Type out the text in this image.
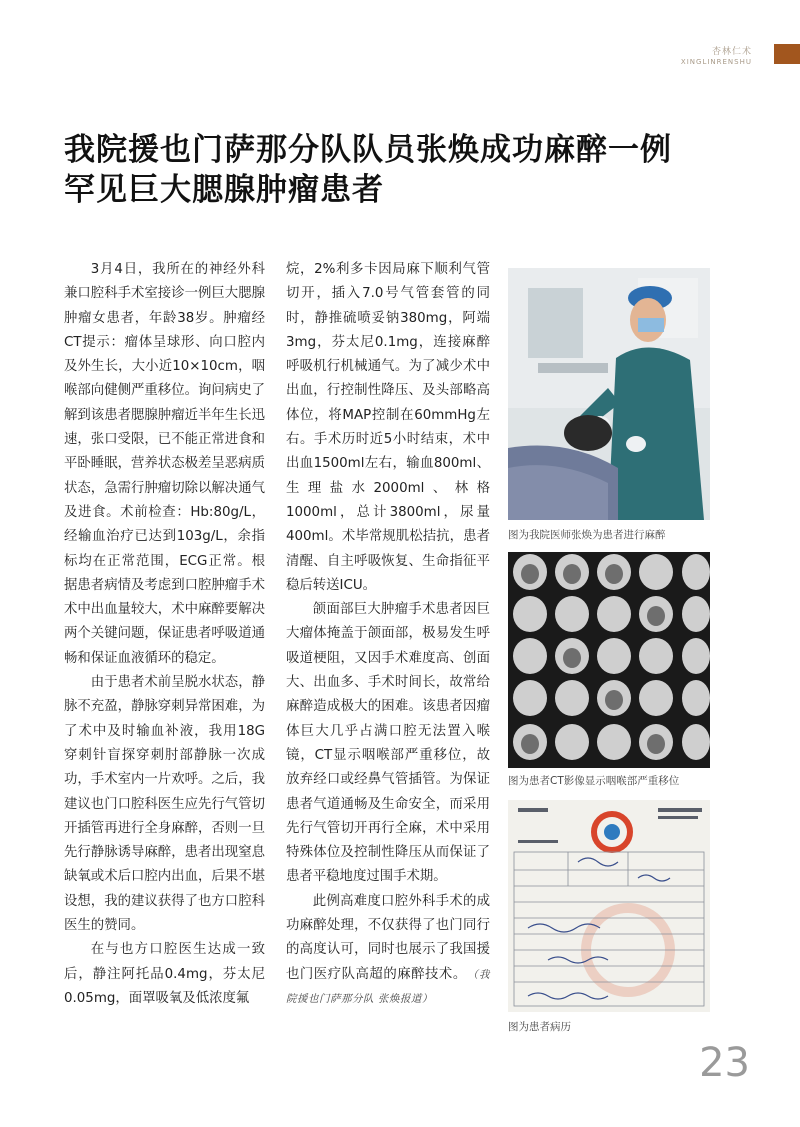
杏林仁术
XINGLINRENSHU
我院援也门萨那分队队员张焕成功麻醉一例
罕见巨大腮腺肿瘤患者

3月4日，我所在的神经外科兼口腔科手术室接诊一例巨大腮腺肿瘤女患者，年龄38岁。肿瘤经CT提示：瘤体呈球形、向口腔内及外生长，大小近10×10cm，咽喉部向健侧严重移位。询问病史了解到该患者腮腺肿瘤近半年生长迅速，张口受限，已不能正常进食和平卧睡眠，营养状态极差呈恶病质状态，急需行肿瘤切除以解决通气及进食。术前检查：Hb:80g/L，经输血治疗已达到103g/L，余指标均在正常范围，ECG正常。根据患者病情及考虑到口腔肿瘤手术术中出血量较大，术中麻醉要解决两个关键问题，保证患者呼吸道通畅和保证血液循环的稳定。

由于患者术前呈脱水状态，静脉不充盈，静脉穿刺异常困难，为了术中及时输血补液，我用18G穿刺针盲探穿刺肘部静脉一次成功，手术室内一片欢呼。之后，我建议也门口腔科医生应先行气管切开插管再进行全身麻醉，否则一旦先行静脉诱导麻醉，患者出现窒息缺氧或术后口腔内出血，后果不堪设想，我的建议获得了也方口腔科医生的赞同。

在与也方口腔医生达成一致后，静注阿托品0.4mg，芬太尼0.05mg，面罩吸氧及低浓度氟

烷，2%利多卡因局麻下顺利气管切开，插入7.0号气管套管的同时，静推硫喷妥钠380mg，阿端3mg，芬太尼0.1mg，连接麻醉呼吸机行机械通气。为了减少术中出血，行控制性降压、及头部略高体位，将MAP控制在60mmHg左右。手术历时近5小时结束，术中出血1500ml左右，输血800ml、生理盐水2000ml、林格1000ml，总计3800ml，尿量400ml。术毕常规肌松拮抗，患者清醒、自主呼吸恢复、生命指征平稳后转送ICU。

颌面部巨大肿瘤手术患者因巨大瘤体掩盖于颌面部，极易发生呼吸道梗阻，又因手术难度高、创面大、出血多、手术时间长，故常给麻醉造成极大的困难。该患者因瘤体巨大几乎占满口腔无法置入喉镜，CT显示咽喉部严重移位，故放弃经口或经鼻气管插管。为保证患者气道通畅及生命安全，而采用先行气管切开再行全麻，术中采用特殊体位及控制性降压从而保证了患者平稳地度过围手术期。

此例高难度口腔外科手术的成功麻醉处理，不仅获得了也门同行的高度认可，同时也展示了我国援也门医疗队高超的麻醉技术。 （我院援也门萨那分队 张焕报道）

图为我院医师张焕为患者进行麻醉
图为患者CT影像显示咽喉部严重移位
图为患者病历
23
